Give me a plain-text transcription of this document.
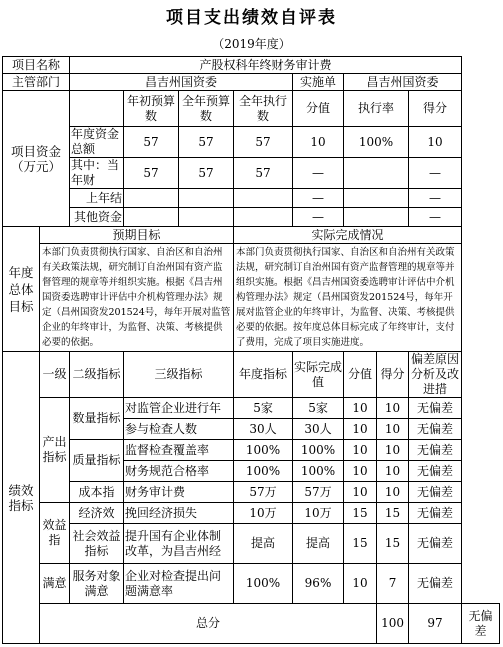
项目支出绩效自评表
（2019年度）
项目名称		产股权科年终财务审计费								
主管部门		昌吉州国资委				实施单	昌吉州国资委			
项目资金
（万元）			年初预算数	全年预算数	全年执行数	分值	执行率		得分	
		年度资金总额	57	57	57	10	100%		10	
		其中：当年财	57	57	57	—			—	
		上年结				—			—	
		其他资金				—			—	
年度总体目标	预期目标				实际完成情况					
	本部门负责贯彻执行国家、自治区和自治州有关政策法规，研究制订自治州国有资产监督管理的规章等并组织实施。根据《昌吉州国资委选聘审计评估中介机构管理办法》规定（昌州国资发201524号，每年开展对监管企业的年终审计，为监督、决策、考核提供必要的依据。				本部门负责贯彻执行国家、自治区和自治州有关政策法规，研究制订自治州国有资产监督管理的规章等并组织实施。根据《昌吉州国资委选聘审计评估中介机构管理办法》规定（昌州国资发201524号，每年开展对监管企业的年终审计，为监督、决策、考核提供必要的依据。按年度总体目标完成了年终审计，支付了费用，完成了项目实施进度。					
绩效指标	一级	二级指标	三级指标		年度指标	实际完成值	分值	得分	偏差原因分析及改进措	
	产出指标	数量指标	对监管企业进行年		5家	5家	10	10	无偏差	
			参与检查人数		30人	30人	10	10	无偏差	
		质量指标	监督检查覆盖率		100%	100%	10	10	无偏差	
			财务规范合格率		100%	100%	10	10	无偏差	
		成本指	财务审计费		57万	57万	10	10	无偏差	
	效益指	经济效	挽回经济损失		10万	10万	15	15	无偏差	
		社会效益指标	提升国有企业体制改革，为昌吉州经		提高	提高	15	15	无偏差	
	满意	服务对象满意	企业对检查提出问题满意率		100%	96%	10	7	无偏差	
	总分							100	97	无偏差
